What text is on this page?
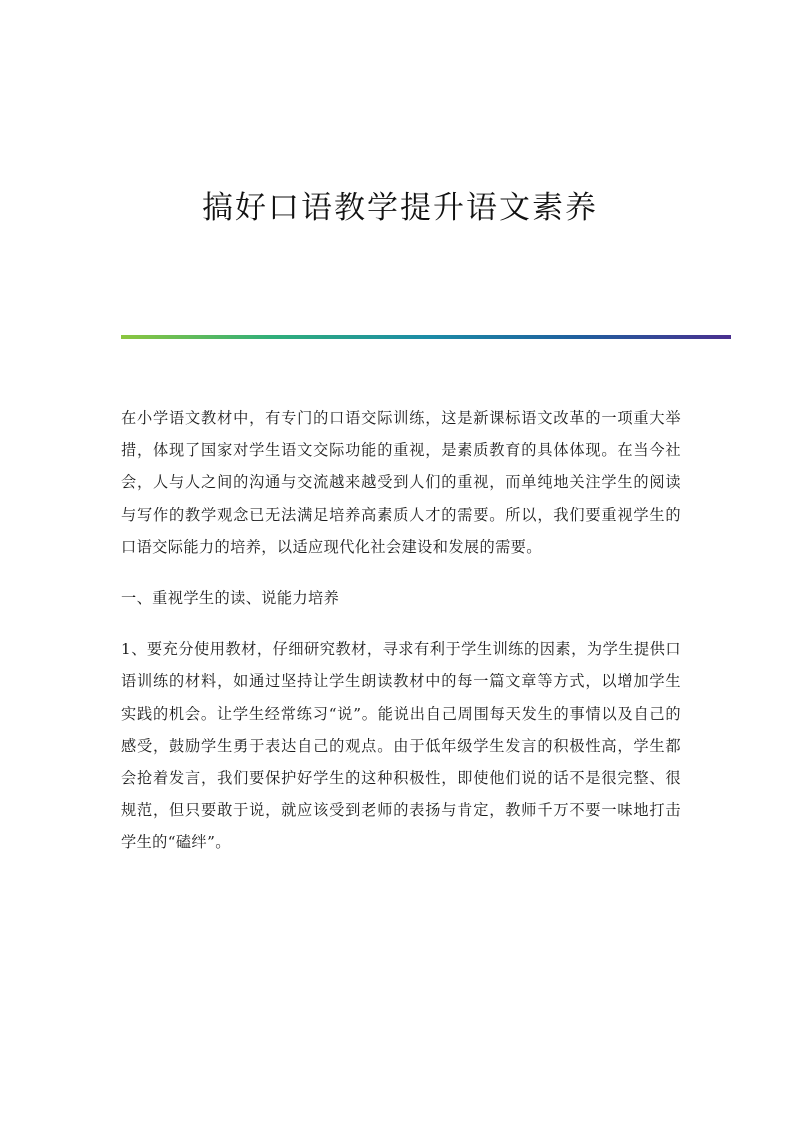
搞好口语教学提升语文素养

在小学语文教材中，有专门的口语交际训练，这是新课标语文改革的一项重大举措，体现了国家对学生语文交际功能的重视，是素质教育的具体体现。在当今社会，人与人之间的沟通与交流越来越受到人们的重视，而单纯地关注学生的阅读与写作的教学观念已无法满足培养高素质人才的需要。所以，我们要重视学生的口语交际能力的培养，以适应现代化社会建设和发展的需要。

一、重视学生的读、说能力培养

1、要充分使用教材，仔细研究教材，寻求有利于学生训练的因素，为学生提供口语训练的材料，如通过坚持让学生朗读教材中的每一篇文章等方式，以增加学生实践的机会。让学生经常练习“说”。能说出自己周围每天发生的事情以及自己的感受，鼓励学生勇于表达自己的观点。由于低年级学生发言的积极性高，学生都会抢着发言，我们要保护好学生的这种积极性，即使他们说的话不是很完整、很规范，但只要敢于说，就应该受到老师的表扬与肯定，教师千万不要一味地打击学生的“磕绊”。
